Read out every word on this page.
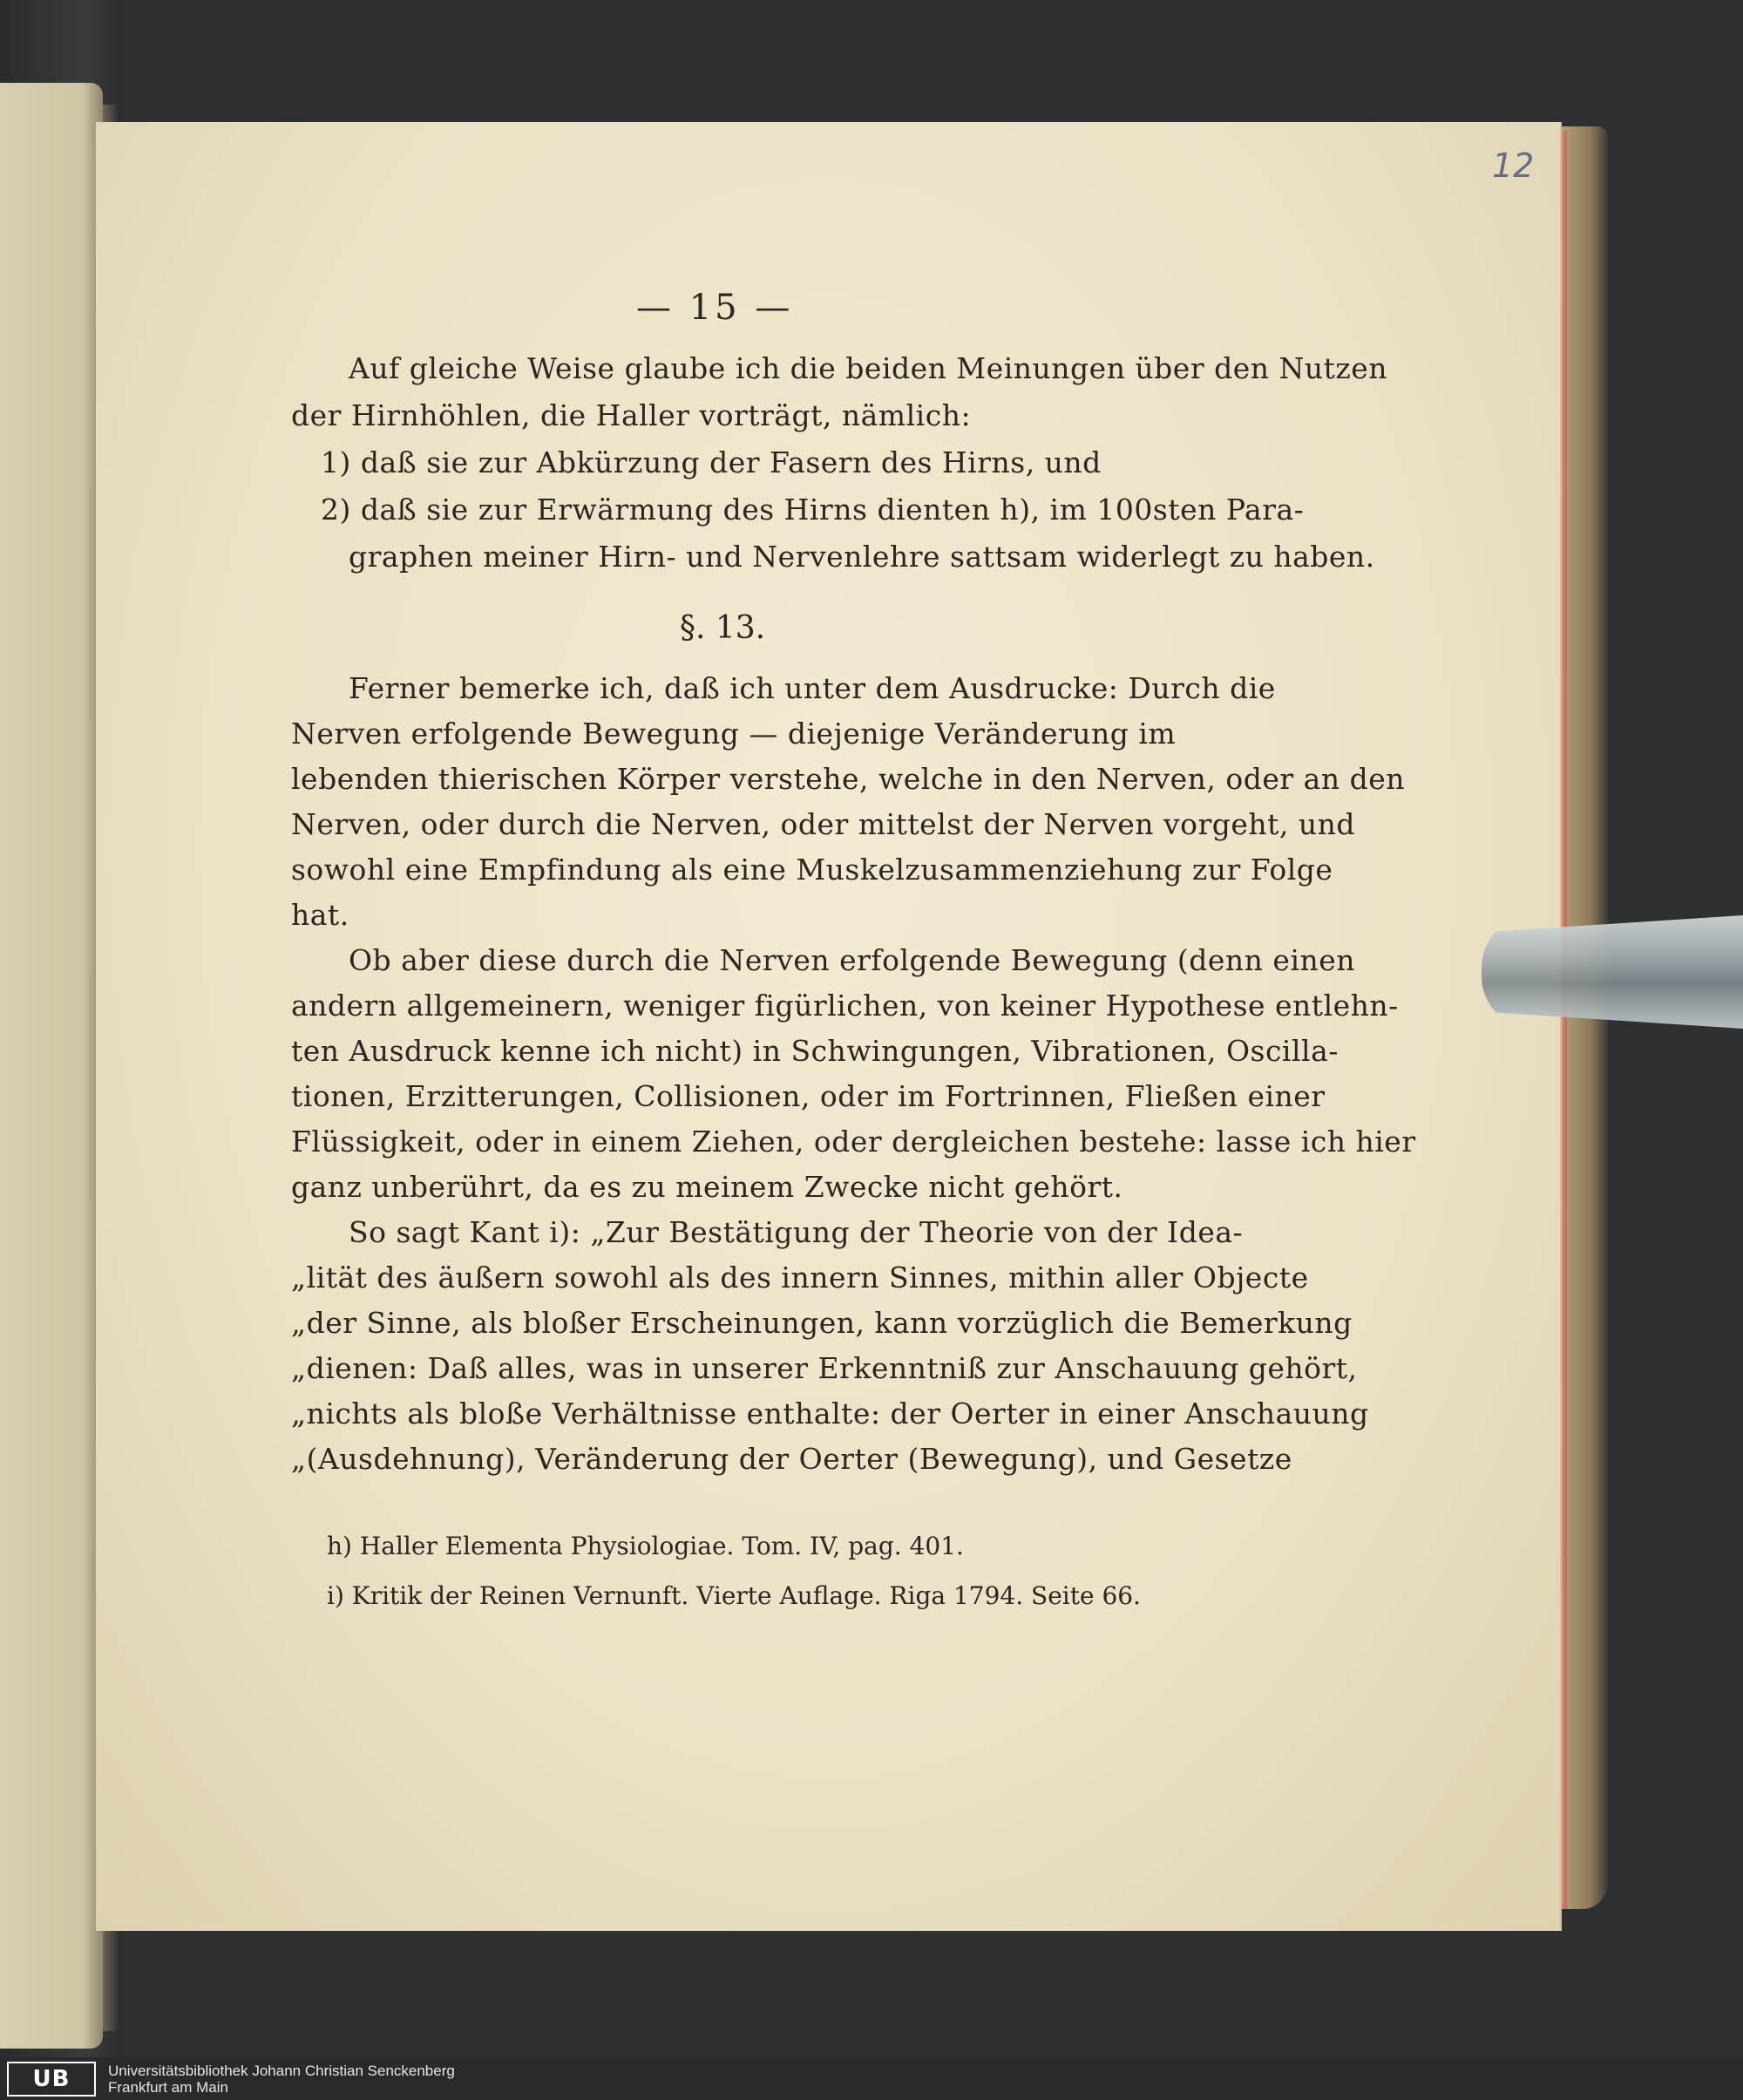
12
— 15 —
Auf gleiche Weise glaube ich die beiden Meinungen über den Nutzen
der Hirnhöhlen, die Haller vorträgt, nämlich:
1) daß sie zur Abkürzung der Fasern des Hirns, und
2) daß sie zur Erwärmung des Hirns dienten h), im 100sten Para-
graphen meiner Hirn- und Nervenlehre sattsam widerlegt zu haben.
§. 13.
Ferner bemerke ich, daß ich unter dem Ausdrucke: Durch die
Nerven erfolgende Bewegung — diejenige Veränderung im
lebenden thierischen Körper verstehe, welche in den Nerven, oder an den
Nerven, oder durch die Nerven, oder mittelst der Nerven vorgeht, und
sowohl eine Empfindung als eine Muskelzusammenziehung zur Folge
hat.
Ob aber diese durch die Nerven erfolgende Bewegung (denn einen
andern allgemeinern, weniger figürlichen, von keiner Hypothese entlehn-
ten Ausdruck kenne ich nicht) in Schwingungen, Vibrationen, Oscilla-
tionen, Erzitterungen, Collisionen, oder im Fortrinnen, Fließen einer
Flüssigkeit, oder in einem Ziehen, oder dergleichen bestehe: lasse ich hier
ganz unberührt, da es zu meinem Zwecke nicht gehört.
So sagt Kant i): „Zur Bestätigung der Theorie von der Idea-
„lität des äußern sowohl als des innern Sinnes, mithin aller Objecte
„der Sinne, als bloßer Erscheinungen, kann vorzüglich die Bemerkung
„dienen: Daß alles, was in unserer Erkenntniß zur Anschauung gehört,
„nichts als bloße Verhältnisse enthalte: der Oerter in einer Anschauung
„(Ausdehnung), Veränderung der Oerter (Bewegung), und Gesetze
h) Haller Elementa Physiologiae. Tom. IV, pag. 401.
i) Kritik der Reinen Vernunft. Vierte Auflage. Riga 1794. Seite 66.
UB	Universitätsbibliothek Johann Christian Senckenberg
Frankfurt am Main
